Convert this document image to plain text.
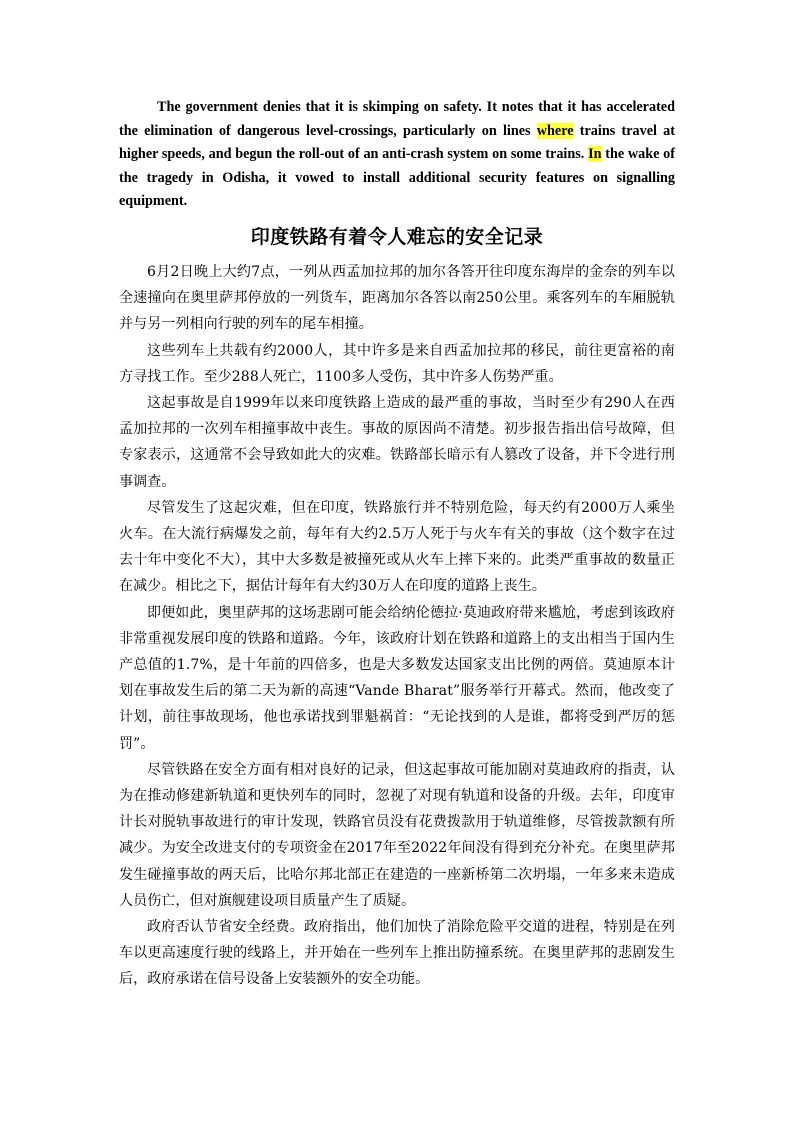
The government denies that it is skimping on safety. It notes that it has accelerated the elimination of dangerous level-crossings, particularly on lines where trains travel at higher speeds, and begun the roll-out of an anti-crash system on some trains. In the wake of the tragedy in Odisha, it vowed to install additional security features on signalling equipment.

印度铁路有着令人难忘的安全记录

6月2日晚上大约7点，一列从西孟加拉邦的加尔各答开往印度东海岸的金奈的列车以全速撞向在奥里萨邦停放的一列货车，距离加尔各答以南250公里。乘客列车的车厢脱轨并与另一列相向行驶的列车的尾车相撞。

这些列车上共载有约2000人，其中许多是来自西孟加拉邦的移民，前往更富裕的南方寻找工作。至少288人死亡，1100多人受伤，其中许多人伤势严重。

这起事故是自1999年以来印度铁路上造成的最严重的事故，当时至少有290人在西孟加拉邦的一次列车相撞事故中丧生。事故的原因尚不清楚。初步报告指出信号故障，但专家表示，这通常不会导致如此大的灾难。铁路部长暗示有人篡改了设备，并下令进行刑事调查。

尽管发生了这起灾难，但在印度，铁路旅行并不特别危险，每天约有2000万人乘坐火车。在大流行病爆发之前，每年有大约2.5万人死于与火车有关的事故（这个数字在过去十年中变化不大），其中大多数是被撞死或从火车上摔下来的。此类严重事故的数量正在减少。相比之下，据估计每年有大约30万人在印度的道路上丧生。

即便如此，奥里萨邦的这场悲剧可能会给纳伦德拉·莫迪政府带来尴尬，考虑到该政府非常重视发展印度的铁路和道路。今年，该政府计划在铁路和道路上的支出相当于国内生产总值的1.7%，是十年前的四倍多，也是大多数发达国家支出比例的两倍。莫迪原本计划在事故发生后的第二天为新的高速“Vande Bharat”服务举行开幕式。然而，他改变了计划，前往事故现场，他也承诺找到罪魁祸首：“无论找到的人是谁，都将受到严厉的惩罚”。

尽管铁路在安全方面有相对良好的记录，但这起事故可能加剧对莫迪政府的指责，认为在推动修建新轨道和更快列车的同时，忽视了对现有轨道和设备的升级。去年，印度审计长对脱轨事故进行的审计发现，铁路官员没有花费拨款用于轨道维修，尽管拨款额有所减少。为安全改进支付的专项资金在2017年至2022年间没有得到充分补充。在奥里萨邦发生碰撞事故的两天后，比哈尔邦北部正在建造的一座新桥第二次坍塌，一年多来未造成人员伤亡，但对旗舰建设项目质量产生了质疑。

政府否认节省安全经费。政府指出，他们加快了消除危险平交道的进程，特别是在列车以更高速度行驶的线路上，并开始在一些列车上推出防撞系统。在奥里萨邦的悲剧发生后，政府承诺在信号设备上安装额外的安全功能。
